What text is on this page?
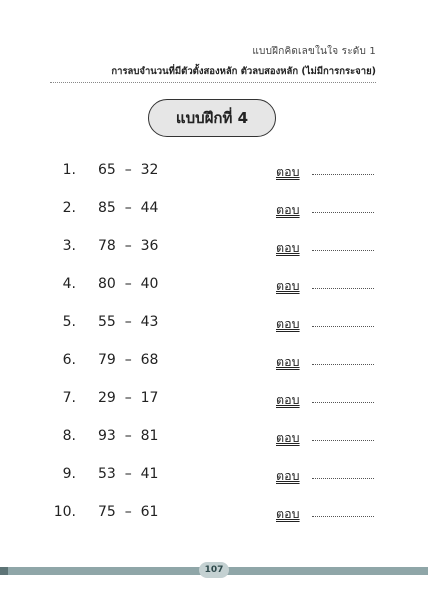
แบบฝึกคิดเลขในใจ ระดับ 1
การลบจำนวนที่มีตัวตั้งสองหลัก ตัวลบสองหลัก (ไม่มีการกระจาย)
แบบฝึกที่ 4
1. 65  –  32	ตอบ
2. 85  –  44	ตอบ
3. 78  –  36	ตอบ
4. 80  –  40	ตอบ
5. 55  –  43	ตอบ
6. 79  –  68	ตอบ
7. 29  –  17	ตอบ
8. 93  –  81	ตอบ
9. 53  –  41	ตอบ
10. 75  –  61	ตอบ
107
